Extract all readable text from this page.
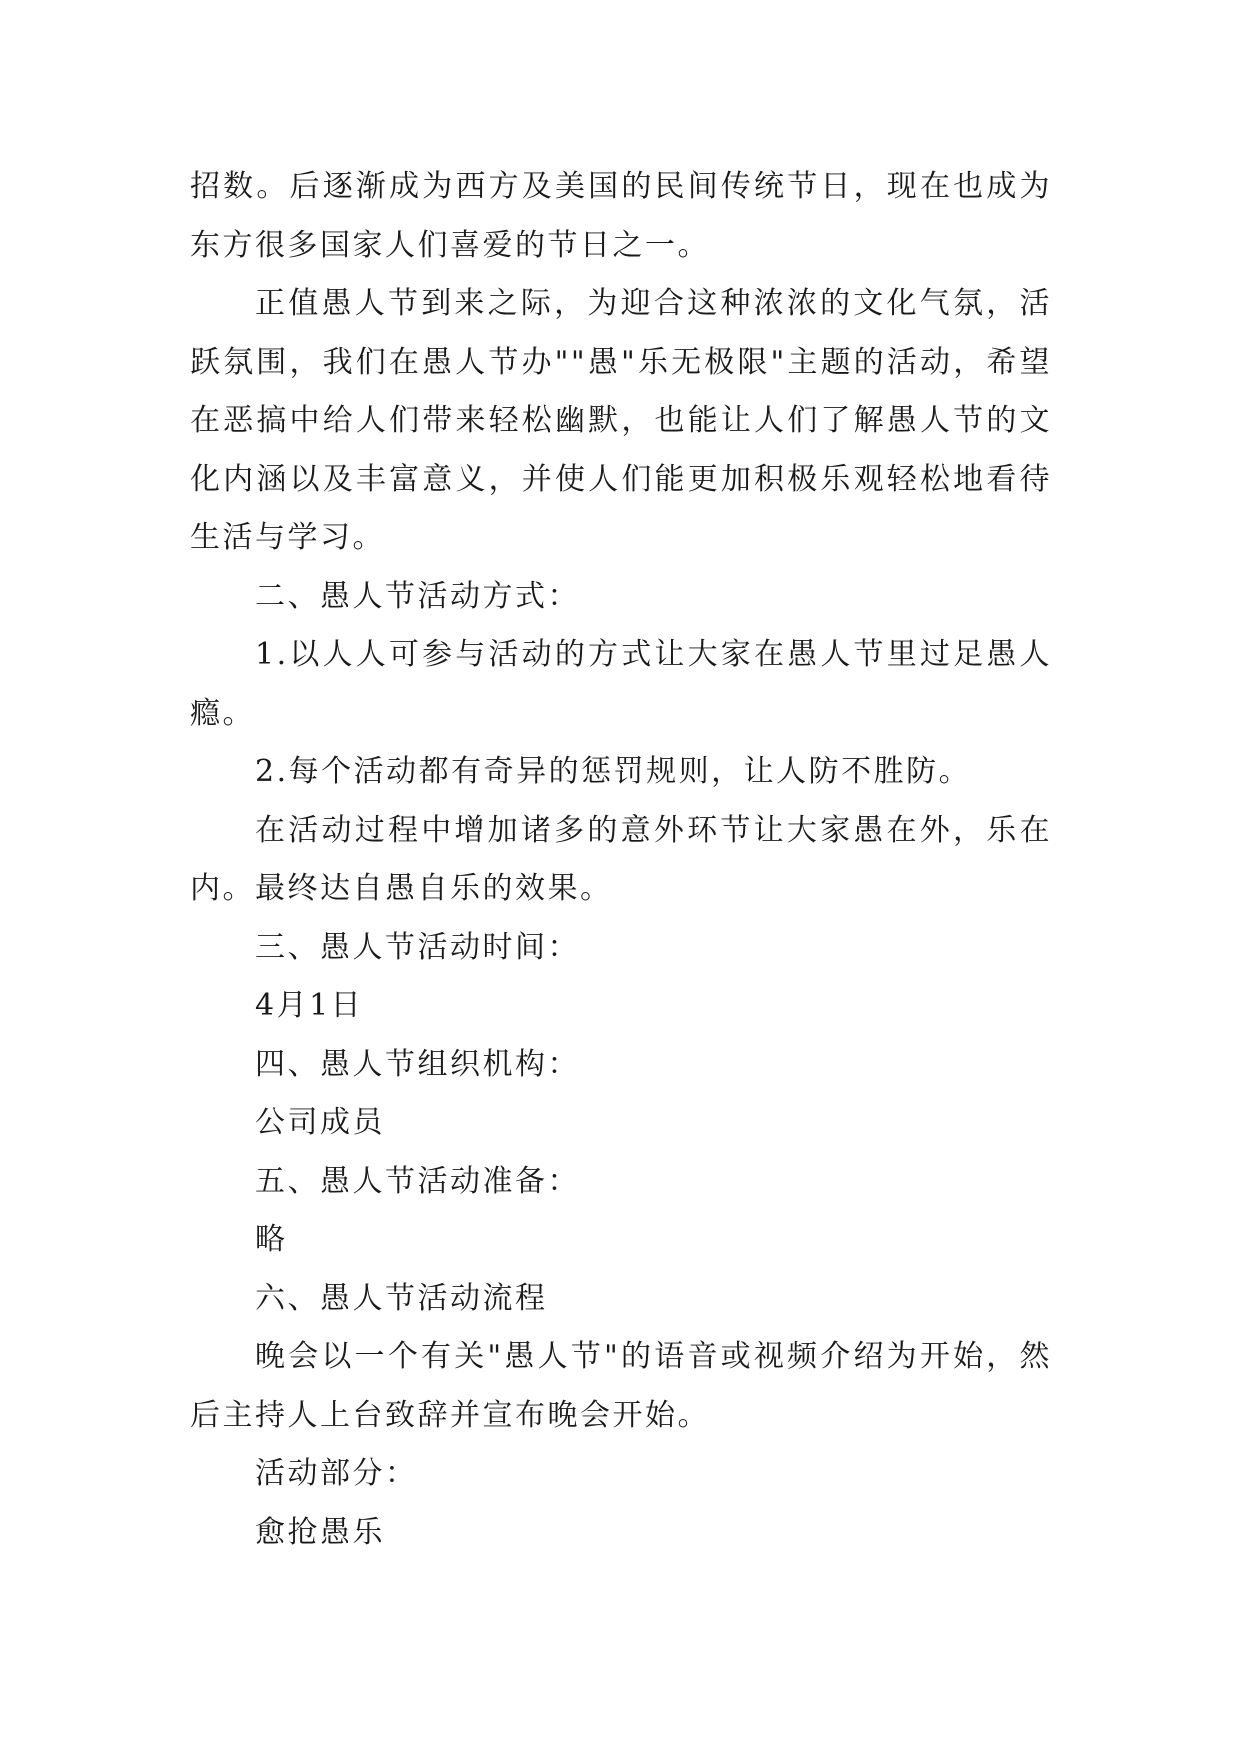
招数。后逐渐成为西方及美国的民间传统节日，现在也成为东方很多国家人们喜爱的节日之一。

正值愚人节到来之际，为迎合这种浓浓的文化气氛，活跃氛围，我们在愚人节办""愚"乐无极限"主题的活动，希望在恶搞中给人们带来轻松幽默，也能让人们了解愚人节的文化内涵以及丰富意义，并使人们能更加积极乐观轻松地看待生活与学习。

二、愚人节活动方式：

1.以人人可参与活动的方式让大家在愚人节里过足愚人瘾。

2.每个活动都有奇异的惩罚规则，让人防不胜防。

在活动过程中增加诸多的意外环节让大家愚在外，乐在内。最终达自愚自乐的效果。

三、愚人节活动时间：

4月1日

四、愚人节组织机构：

公司成员

五、愚人节活动准备：

略

六、愚人节活动流程

晚会以一个有关"愚人节"的语音或视频介绍为开始，然后主持人上台致辞并宣布晚会开始。

活动部分：

愈抢愚乐
